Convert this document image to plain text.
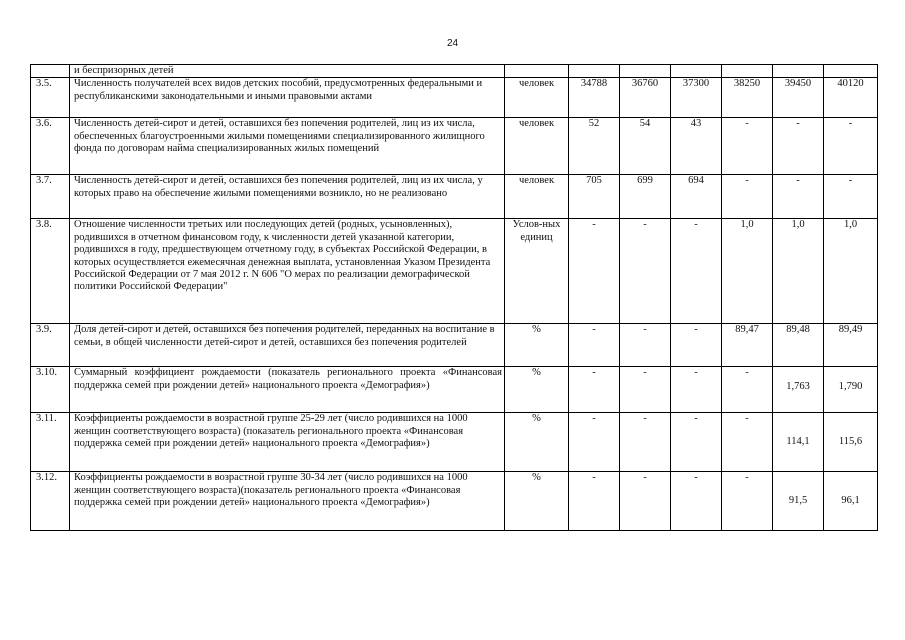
24
	и беспризорных детей							
3.5.	Численность получателей всех видов детских пособий, предусмотренных федеральными и республиканскими законодательными и иными правовыми актами	человек	34788	36760	37300	38250	39450	40120
3.6.	Численность детей-сирот и детей, оставшихся без попечения родителей, лиц из их числа, обеспеченных благоустроенными жилыми помещениями специализированного жилищного фонда по договорам найма специализированных жилых помещений	человек	52	54	43	-	-	-
3.7.	Численность детей-сирот и детей, оставшихся без попечения родителей, лиц из их числа, у которых право на обеспечение жилыми помещениями возникло, но не реализовано	человек	705	699	694	-	-	-
3.8.	Отношение численности третьих или последующих детей (родных, усыновленных), родившихся в отчетном финансовом году, к численности детей указанной категории, родившихся в году, предшествующем отчетному году, в субъектах Российской Федерации, в которых осуществляется ежемесячная денежная выплата, установленная Указом Президента Российской Федерации от 7 мая 2012 г. N 606 "О мерах по реализации демографической политики Российской Федерации"	Услов-ных единиц	-	-	-	1,0	1,0	1,0
3.9.	Доля детей-сирот и детей, оставшихся без попечения родителей, переданных на воспитание в семьи, в общей численности детей-сирот и детей, оставшихся без попечения родителей	%	-	-	-	89,47	89,48	89,49
3.10.	Суммарный коэффициент рождаемости (показатель регионального проекта «Финансовая поддержка семей при рождении детей» национального проекта «Демография»)	%	-	-	-	-	1,763	1,790
3.11.	Коэффициенты рождаемости в возрастной группе 25-29 лет (число родившихся на 1000 женщин соответствующего возраста) (показатель регионального проекта «Финансовая поддержка семей при рождении детей» национального проекта «Демография»)	%	-	-	-	-	114,1	115,6
3.12.	Коэффициенты рождаемости в возрастной группе 30-34 лет (число родившихся на 1000 женщин соответствующего возраста)(показатель регионального проекта «Финансовая поддержка семей при рождении детей» национального проекта «Демография»)	%	-	-	-	-	91,5	96,1
